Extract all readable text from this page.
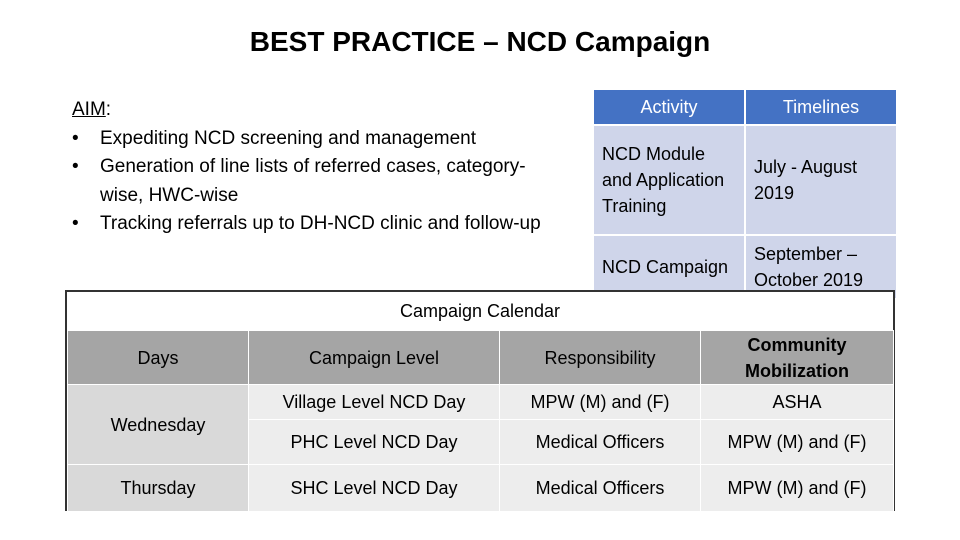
BEST PRACTICE – NCD Campaign
AIM:
• Expediting NCD screening and management
• Generation of line lists of referred cases, category-wise, HWC-wise
• Tracking referrals up to DH-NCD clinic and follow-up
Activity	Timelines
NCD Module and Application Training	July - August 2019
NCD Campaign	September – October 2019
Campaign Calendar
Days	Campaign Level	Responsibility	Community Mobilization
Wednesday	Village Level NCD Day	MPW (M) and (F)	ASHA
	PHC Level NCD Day	Medical Officers	MPW (M) and (F)
Thursday	SHC Level NCD Day	Medical Officers	MPW (M) and (F)
